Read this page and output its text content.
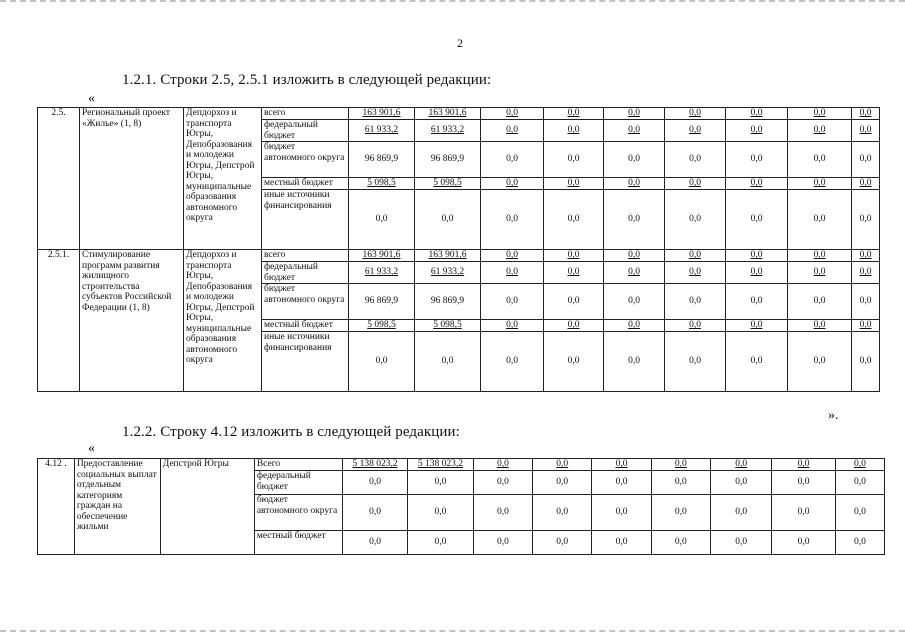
2
1.2.1. Строки 2.5, 2.5.1 изложить в следующей редакции:
«
2.5.	Региональный проект «Жилье» (1, 8)	Депдорхоз и транспорта Югры, Депобразования и молодежи Югры, Депстрой Югры, муниципальные образования автономного округа	всего	163 901,6	163 901,6	0,0	0,0	0,0	0,0	0,0	0,0	0,0
			федеральный бюджет	61 933,2	61 933,2	0,0	0,0	0,0	0,0	0,0	0,0	0,0
			бюджет автономного округа	96 869,9	96 869,9	0,0	0,0	0,0	0,0	0,0	0,0	0,0
			местный бюджет	5 098,5	5 098,5	0,0	0,0	0,0	0,0	0,0	0,0	0,0
			иные источники финансирования	0,0	0,0	0,0	0,0	0,0	0,0	0,0	0,0	0,0
2.5.1.	Стимулирование программ развития жилищного строительства субъектов Российской Федерации (1, 8)	Депдорхоз и транспорта Югры, Депобразования и молодежи Югры, Депстрой Югры, муниципальные образования автономного округа	всего	163 901,6	163 901,6	0,0	0,0	0,0	0,0	0,0	0,0	0,0
			федеральный бюджет	61 933,2	61 933,2	0,0	0,0	0,0	0,0	0,0	0,0	0,0
			бюджет автономного округа	96 869,9	96 869,9	0,0	0,0	0,0	0,0	0,0	0,0	0,0
			местный бюджет	5 098,5	5 098,5	0,0	0,0	0,0	0,0	0,0	0,0	0,0
			иные источники финансирования	0,0	0,0	0,0	0,0	0,0	0,0	0,0	0,0	0,0
».
1.2.2. Строку 4.12 изложить в следующей редакции:
«
4.12 .	Предоставление социальных выплат отдельным категориям граждан на обеспечение жильми	Депстрой Югры	Всего	5 138 023,2	5 138 023,2	0,0	0,0	0,0	0,0	0,0	0,0	0,0
			федеральный бюджет	0,0	0,0	0,0	0,0	0,0	0,0	0,0	0,0	0,0
			бюджет автономного округа	0,0	0,0	0,0	0,0	0,0	0,0	0,0	0,0	0,0
			местный бюджет	0,0	0,0	0,0	0,0	0,0	0,0	0,0	0,0	0,0
